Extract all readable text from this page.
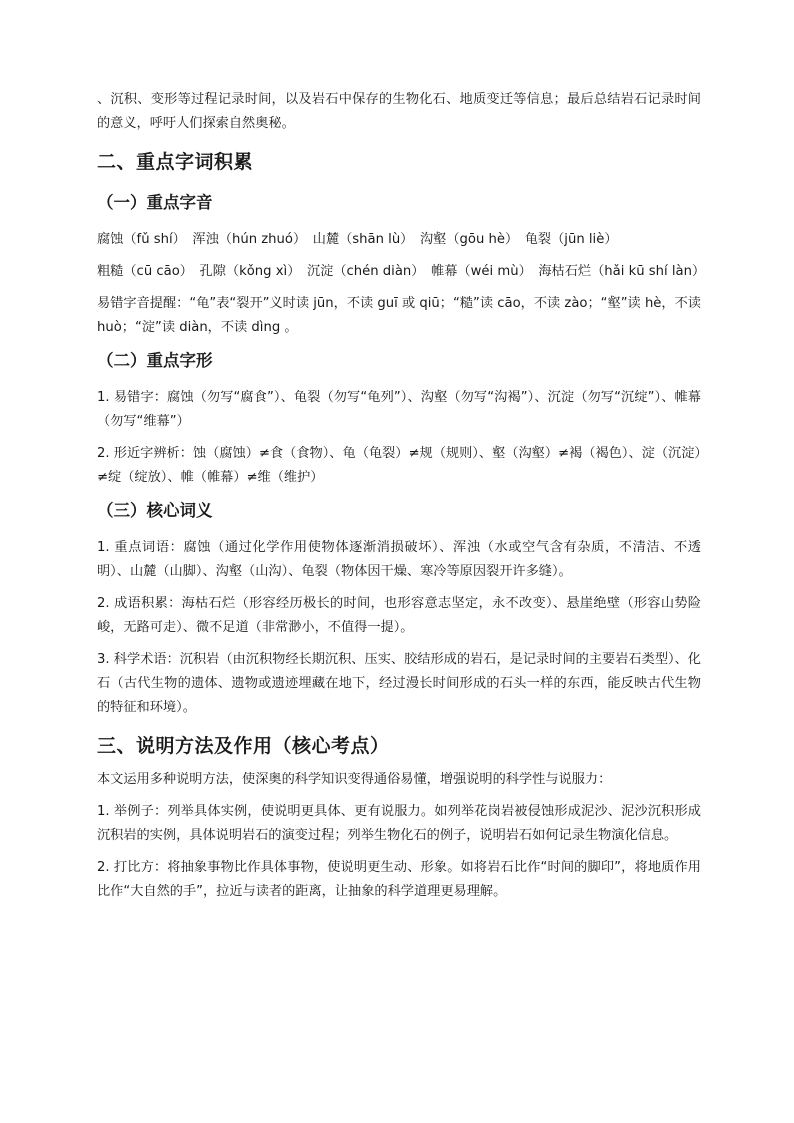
、沉积、变形等过程记录时间，以及岩石中保存的生物化石、地质变迁等信息；最后总结岩石记录时间的意义，呼吁人们探索自然奥秘。

二、重点字词积累
（一）重点字音

腐蚀（fǔ shí）　浑浊（hún zhuó）　山麓（shān lù）　沟壑（gōu hè）　龟裂（jūn liè）

粗糙（cū cāo）　孔隙（kǒng xì）　沉淀（chén diàn）　帷幕（wéi mù）　海枯石烂（hǎi kū shí làn）

易错字音提醒：“龟”表“裂开”义时读 jūn，不读 guī 或 qiū；“糙”读 cāo，不读 zào；“壑”读 hè，不读 huò；“淀”读 diàn，不读 dìng 。

（二）重点字形

1. 易错字：腐蚀（勿写“腐食”）、龟裂（勿写“龟列”）、沟壑（勿写“沟褐”）、沉淀（勿写“沉绽”）、帷幕（勿写“维幕”）

2. 形近字辨析：蚀（腐蚀）≠食（食物）、龟（龟裂）≠规（规则）、壑（沟壑）≠褐（褐色）、淀（沉淀）≠绽（绽放）、帷（帷幕）≠维（维护）

（三）核心词义

1. 重点词语：腐蚀（通过化学作用使物体逐渐消损破坏）、浑浊（水或空气含有杂质，不清洁、不透明）、山麓（山脚）、沟壑（山沟）、龟裂（物体因干燥、寒冷等原因裂开许多缝）。

2. 成语积累：海枯石烂（形容经历极长的时间，也形容意志坚定，永不改变）、悬崖绝壁（形容山势险峻，无路可走）、微不足道（非常渺小，不值得一提）。

3. 科学术语：沉积岩（由沉积物经长期沉积、压实、胶结形成的岩石，是记录时间的主要岩石类型）、化石（古代生物的遗体、遗物或遗迹埋藏在地下，经过漫长时间形成的石头一样的东西，能反映古代生物的特征和环境）。

三、说明方法及作用（核心考点）

本文运用多种说明方法，使深奥的科学知识变得通俗易懂，增强说明的科学性与说服力：

1. 举例子：列举具体实例，使说明更具体、更有说服力。如列举花岗岩被侵蚀形成泥沙、泥沙沉积形成沉积岩的实例，具体说明岩石的演变过程；列举生物化石的例子，说明岩石如何记录生物演化信息。

2. 打比方：将抽象事物比作具体事物，使说明更生动、形象。如将岩石比作“时间的脚印”，将地质作用比作“大自然的手”，拉近与读者的距离，让抽象的科学道理更易理解。
